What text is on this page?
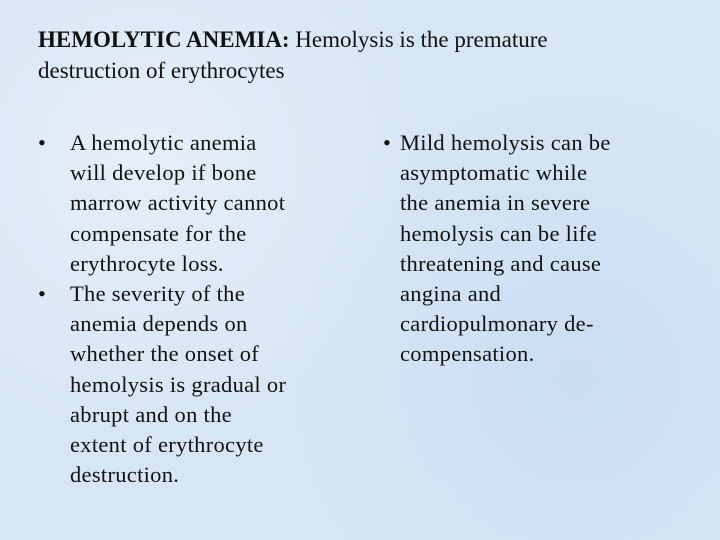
HEMOLYTIC ANEMIA: Hemolysis is the premature
destruction of erythrocytes
• A hemolytic anemia
will develop if bone
marrow activity cannot
compensate for the
erythrocyte loss.
• The severity of the
anemia depends on
whether the onset of
hemolysis is gradual or
abrupt and on the
extent of erythrocyte
destruction.
• Mild hemolysis can be
asymptomatic while
the anemia in severe
hemolysis can be life
threatening and cause
angina and
cardiopulmonary de-
compensation.
